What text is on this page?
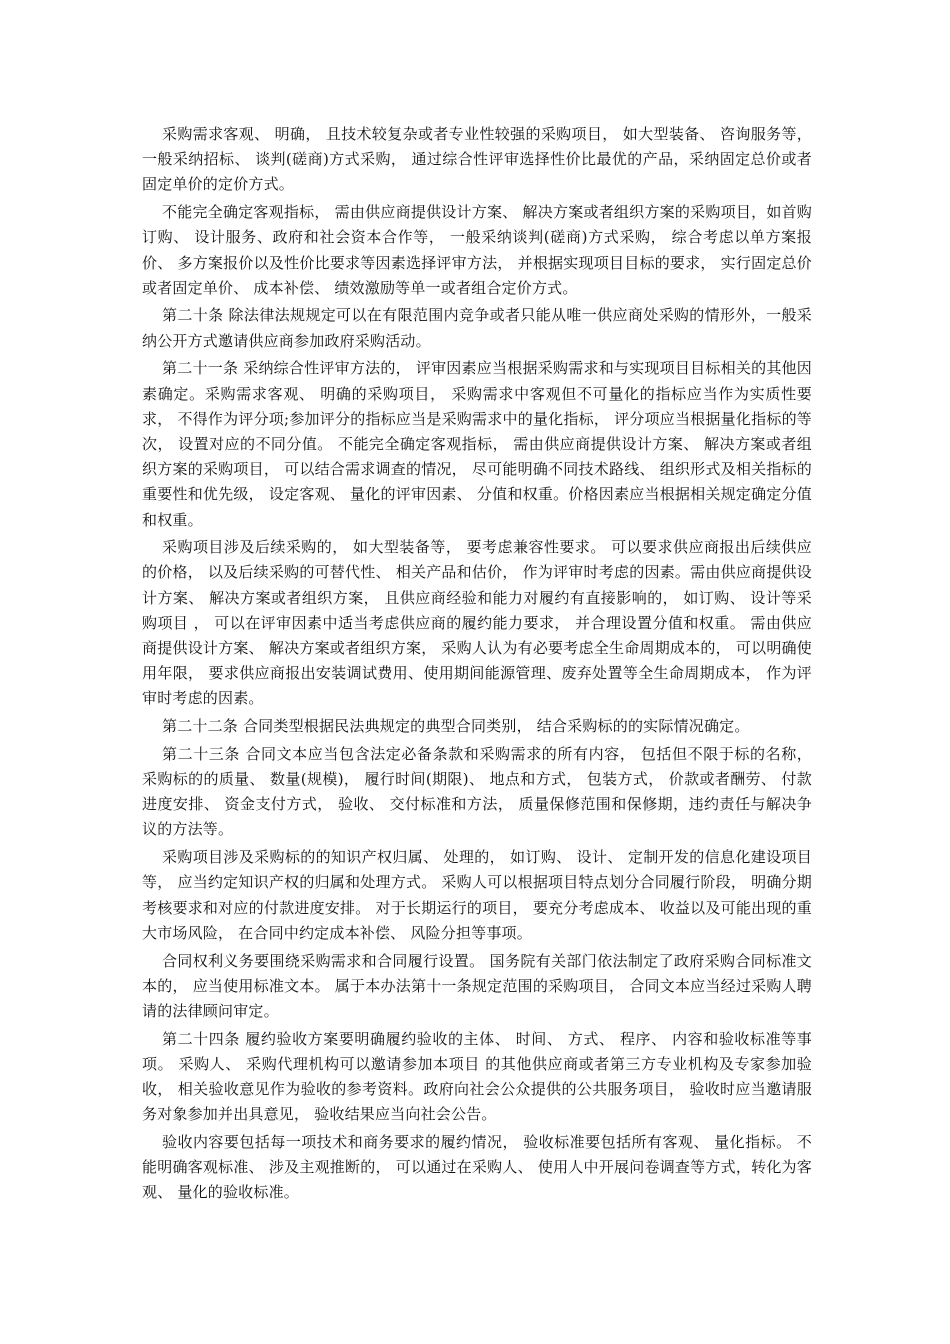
采购需求客观、 明确， 且技术较复杂或者专业性较强的采购项目， 如大型装备、 咨询服务等， 一般采纳招标、 谈判(磋商)方式采购， 通过综合性评审选择性价比最优的产品，采纳固定总价或者固定单价的定价方式。

不能完全确定客观指标， 需由供应商提供设计方案、 解决方案或者组织方案的采购项目，如首购订购、 设计服务、政府和社会资本合作等， 一般采纳谈判(磋商)方式采购， 综合考虑以单方案报价、 多方案报价以及性价比要求等因素选择评审方法， 并根据实现项目目标的要求， 实行固定总价或者固定单价、 成本补偿、 绩效激励等单一或者组合定价方式。

第二十条 除法律法规规定可以在有限范围内竞争或者只能从唯一供应商处采购的情形外，一般采纳公开方式邀请供应商参加政府采购活动。

第二十一条 采纳综合性评审方法的， 评审因素应当根据采购需求和与实现项目目标相关的其他因素确定。采购需求客观、 明确的采购项目， 采购需求中客观但不可量化的指标应当作为实质性要求， 不得作为评分项;参加评分的指标应当是采购需求中的量化指标， 评分项应当根据量化指标的等次， 设置对应的不同分值。 不能完全确定客观指标， 需由供应商提供设计方案、 解决方案或者组织方案的采购项目， 可以结合需求调查的情况， 尽可能明确不同技术路线、 组织形式及相关指标的重要性和优先级， 设定客观、 量化的评审因素、 分值和权重。价格因素应当根据相关规定确定分值和权重。

采购项目涉及后续采购的， 如大型装备等， 要考虑兼容性要求。 可以要求供应商报出后续供应的价格， 以及后续采购的可替代性、 相关产品和估价， 作为评审时考虑的因素。需由供应商提供设计方案、 解决方案或者组织方案， 且供应商经验和能力对履约有直接影响的， 如订购、 设计等采购项目 ， 可以在评审因素中适当考虑供应商的履约能力要求， 并合理设置分值和权重。 需由供应商提供设计方案、 解决方案或者组织方案， 采购人认为有必要考虑全生命周期成本的， 可以明确使用年限， 要求供应商报出安装调试费用、使用期间能源管理、废弃处置等全生命周期成本， 作为评审时考虑的因素。

第二十二条 合同类型根据民法典规定的典型合同类别， 结合采购标的的实际情况确定。

第二十三条 合同文本应当包含法定必备条款和采购需求的所有内容， 包括但不限于标的名称， 采购标的的质量、 数量(规模)， 履行时间(期限)、 地点和方式， 包装方式， 价款或者酬劳、 付款进度安排、 资金支付方式， 验收、 交付标准和方法， 质量保修范围和保修期，违约责任与解决争议的方法等。

采购项目涉及采购标的的知识产权归属、 处理的， 如订购、 设计、 定制开发的信息化建设项目等， 应当约定知识产权的归属和处理方式。 采购人可以根据项目特点划分合同履行阶段， 明确分期考核要求和对应的付款进度安排。 对于长期运行的项目， 要充分考虑成本、 收益以及可能出现的重大市场风险， 在合同中约定成本补偿、 风险分担等事项。

合同权利义务要围绕采购需求和合同履行设置。 国务院有关部门依法制定了政府采购合同标准文本的， 应当使用标准文本。 属于本办法第十一条规定范围的采购项目， 合同文本应当经过采购人聘请的法律顾问审定。

第二十四条 履约验收方案要明确履约验收的主体、 时间、 方式、 程序、 内容和验收标准等事项。 采购人、 采购代理机构可以邀请参加本项目 的其他供应商或者第三方专业机构及专家参加验收， 相关验收意见作为验收的参考资料。政府向社会公众提供的公共服务项目， 验收时应当邀请服务对象参加并出具意见， 验收结果应当向社会公告。

验收内容要包括每一项技术和商务要求的履约情况， 验收标准要包括所有客观、 量化指标。 不能明确客观标准、 涉及主观推断的， 可以通过在采购人、 使用人中开展问卷调查等方式，转化为客观、 量化的验收标准。
